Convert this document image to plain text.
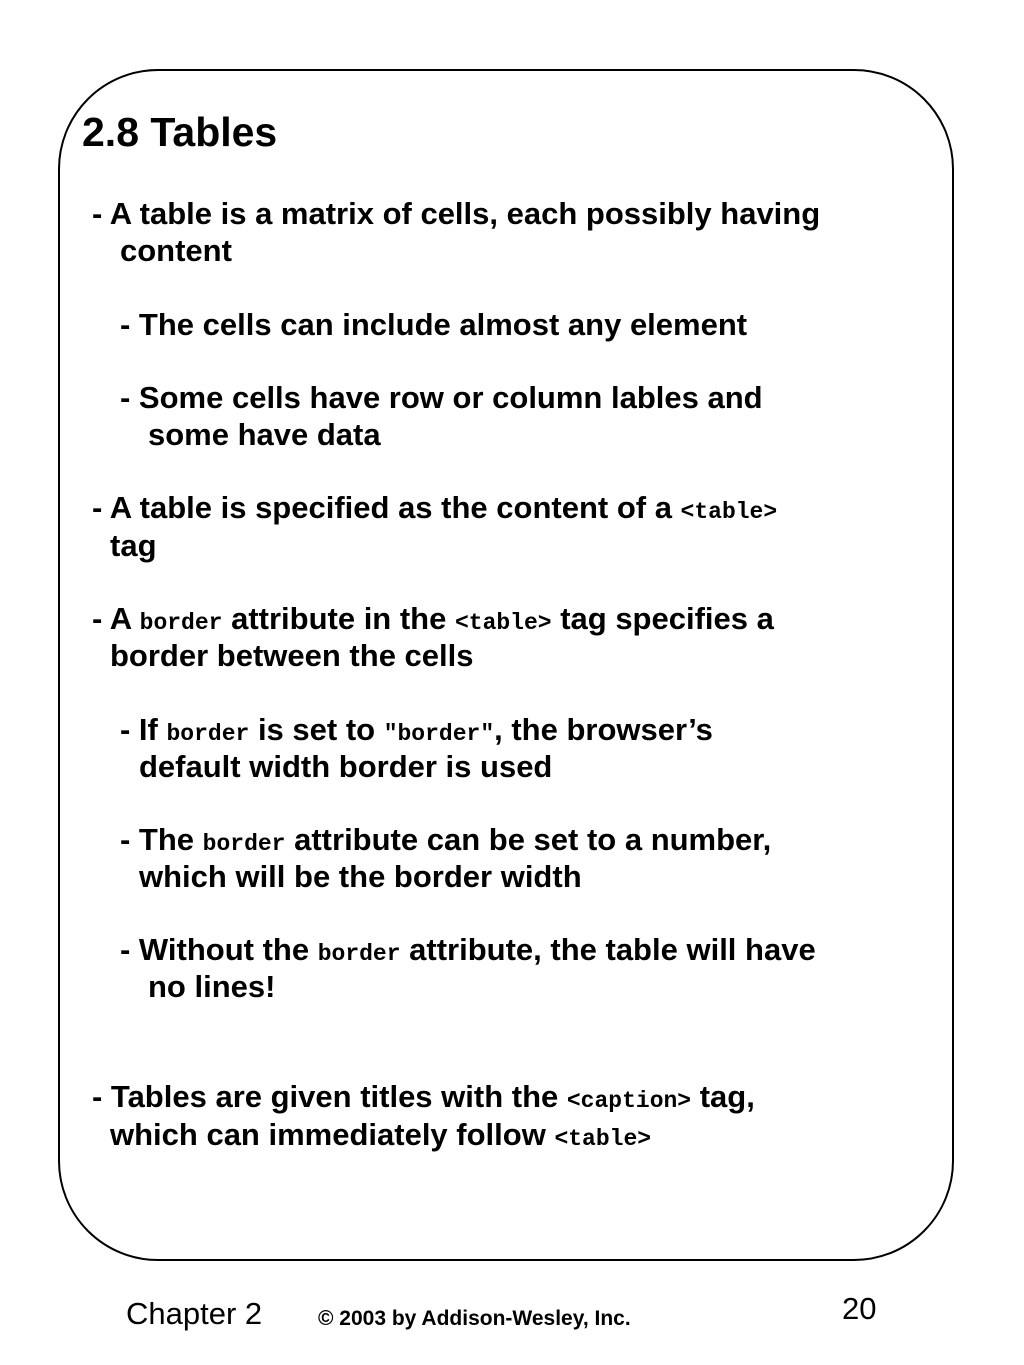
2.8 Tables

- A table is a matrix of cells, each possibly having

content

- The cells can include almost any element

- Some cells have row or column lables and

some have data

- A table is specified as the content of a <table>

tag

- A border attribute in the <table> tag specifies a

border between the cells

- If border is set to "border", the browser’s

default width border is used

- The border attribute can be set to a number,

which will be the border width

- Without the border attribute, the table will have

no lines!

- Tables are given titles with the <caption> tag,

which can immediately follow <table>

Chapter 2	© 2003 by Addison-Wesley, Inc.	20
